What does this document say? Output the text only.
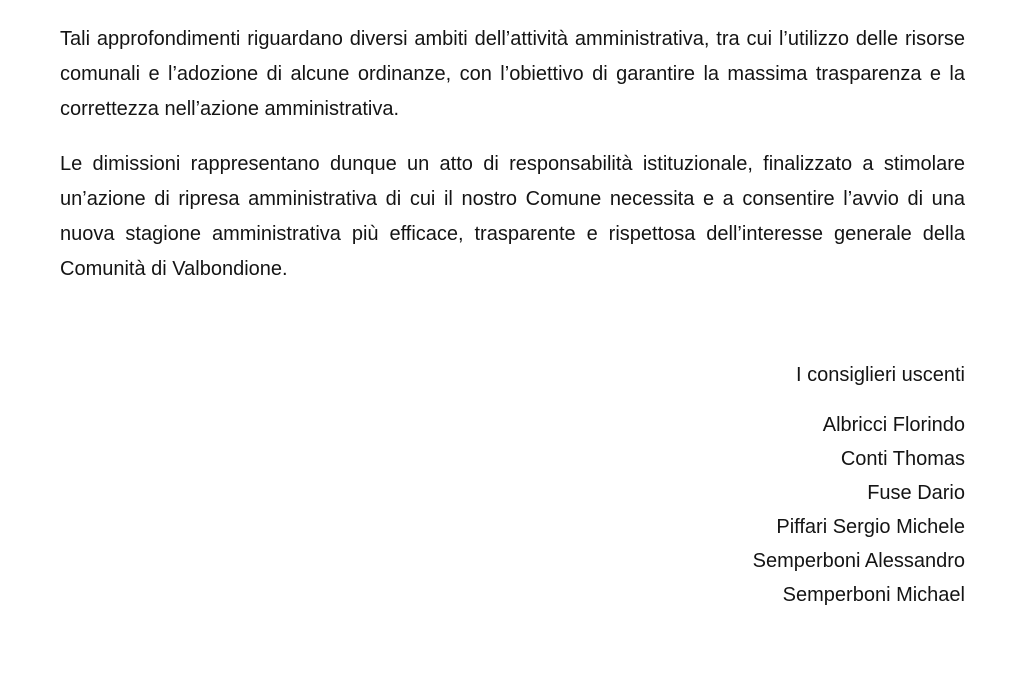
Tali approfondimenti riguardano diversi ambiti dell’attività amministrativa, tra cui l’utilizzo delle risorse comunali e l’adozione di alcune ordinanze, con l’obiettivo di garantire la massima trasparenza e la correttezza nell’azione amministrativa.

Le dimissioni rappresentano dunque un atto di responsabilità istituzionale, finalizzato a stimolare un’azione di ripresa amministrativa di cui il nostro Comune necessita e a consentire l’avvio di una nuova stagione amministrativa più efficace, trasparente e rispettosa dell’interesse generale della Comunità di Valbondione.

I consiglieri uscenti

Albricci Florindo
Conti Thomas
Fuse Dario
Piffari Sergio Michele
Semperboni Alessandro
Semperboni Michael
